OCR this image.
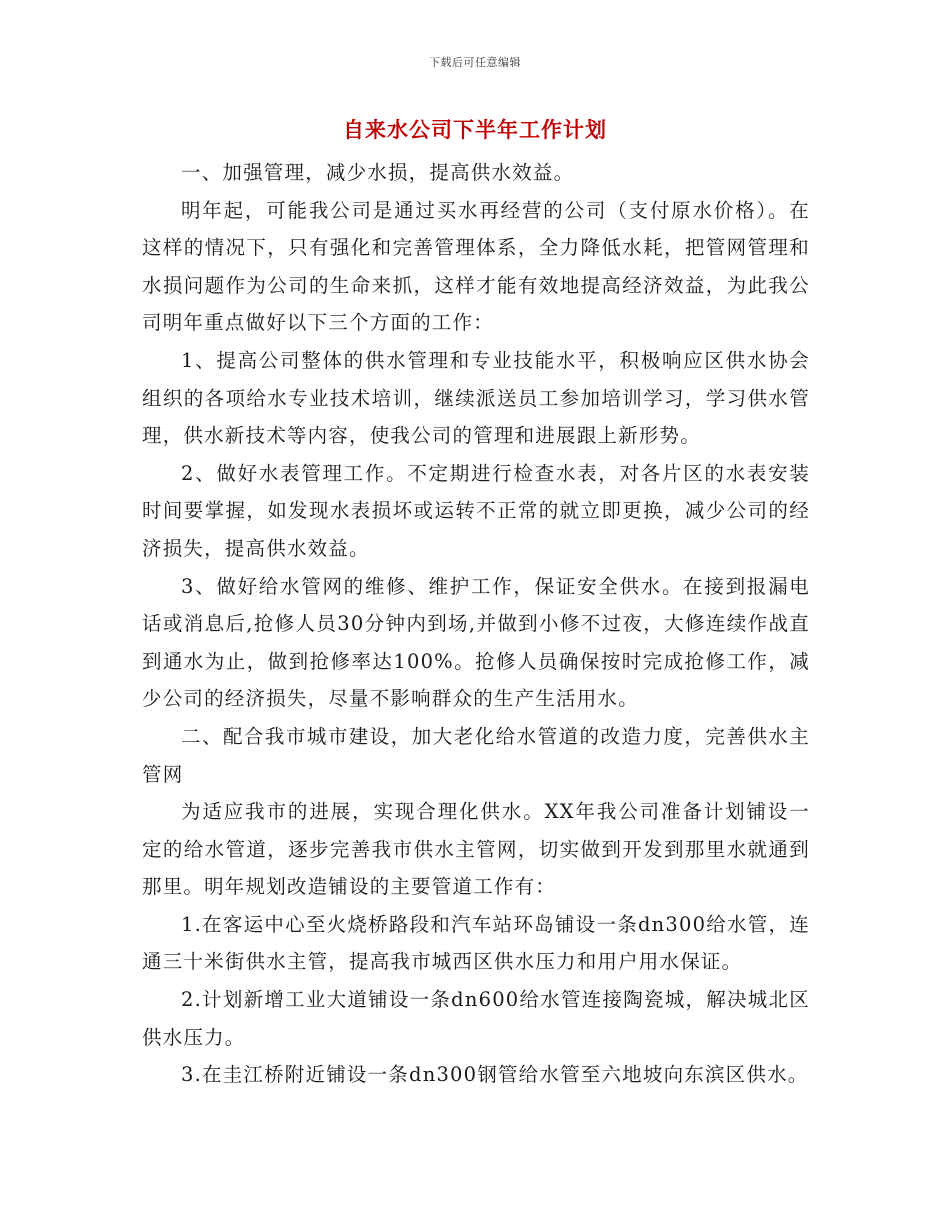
下载后可任意编辑
自来水公司下半年工作计划

一、加强管理，减少水损，提高供水效益。

明年起，可能我公司是通过买水再经营的公司（支付原水价格）。在这样的情况下，只有强化和完善管理体系，全力降低水耗，把管网管理和水损问题作为公司的生命来抓，这样才能有效地提高经济效益，为此我公司明年重点做好以下三个方面的工作：

1、提高公司整体的供水管理和专业技能水平，积极响应区供水协会组织的各项给水专业技术培训，继续派送员工参加培训学习，学习供水管理，供水新技术等内容，使我公司的管理和进展跟上新形势。

2、做好水表管理工作。不定期进行检查水表，对各片区的水表安装时间要掌握，如发现水表损坏或运转不正常的就立即更换，减少公司的经济损失，提高供水效益。

3、做好给水管网的维修、维护工作，保证安全供水。在接到报漏电话或消息后,抢修人员30分钟内到场,并做到小修不过夜，大修连续作战直到通水为止，做到抢修率达100%。抢修人员确保按时完成抢修工作，减少公司的经济损失，尽量不影响群众的生产生活用水。

二、配合我市城市建设，加大老化给水管道的改造力度，完善供水主管网

为适应我市的进展，实现合理化供水。XX年我公司准备计划铺设一定的给水管道，逐步完善我市供水主管网，切实做到开发到那里水就通到那里。明年规划改造铺设的主要管道工作有：

1.在客运中心至火烧桥路段和汽车站环岛铺设一条dn300给水管，连通三十米街供水主管，提高我市城西区供水压力和用户用水保证。

2.计划新增工业大道铺设一条dn600给水管连接陶瓷城，解决城北区供水压力。

3.在圭江桥附近铺设一条dn300钢管给水管至六地坡向东滨区供水。
